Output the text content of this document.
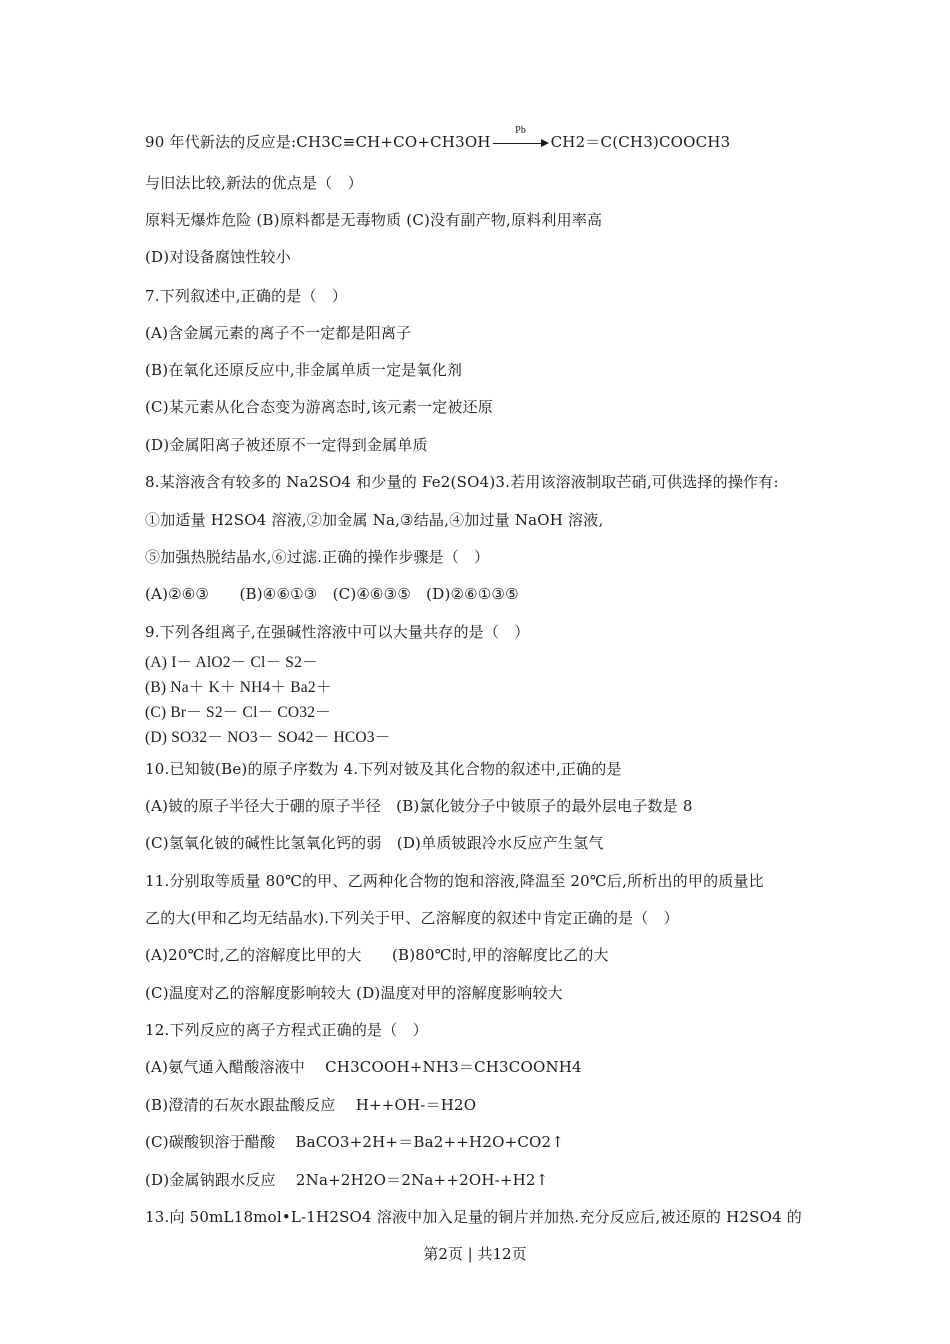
90 年代新法的反应是:CH3C≡CH+CO+CH3OH
Pb
CH2＝C(CH3)COOCH3
与旧法比较,新法的优点是（　）
原料无爆炸危险 (B)原料都是无毒物质 (C)没有副产物,原料利用率高
(D)对设备腐蚀性较小
7.下列叙述中,正确的是（　）
(A)含金属元素的离子不一定都是阳离子
(B)在氧化还原反应中,非金属单质一定是氧化剂
(C)某元素从化合态变为游离态时,该元素一定被还原
(D)金属阳离子被还原不一定得到金属单质
8.某溶液含有较多的 Na2SO4 和少量的 Fe2(SO4)3.若用该溶液制取芒硝,可供选择的操作有:
①加适量 H2SO4 溶液,②加金属 Na,③结晶,④加过量 NaOH 溶液,
⑤加强热脱结晶水,⑥过滤.正确的操作步骤是（　）
(A)②⑥③　　(B)④⑥①③　(C)④⑥③⑤　(D)②⑥①③⑤
9.下列各组离子,在强碱性溶液中可以大量共存的是（　）
(A) I－ AlO2－ Cl－ S2－
(B) Na＋ K＋ NH4＋ Ba2＋
(C) Br－ S2－ Cl－ CO32－
(D) SO32－ NO3－ SO42－ HCO3－
10.已知铍(Be)的原子序数为 4.下列对铍及其化合物的叙述中,正确的是
(A)铍的原子半径大于硼的原子半径　(B)氯化铍分子中铍原子的最外层电子数是 8
(C)氢氧化铍的碱性比氢氧化钙的弱　(D)单质铍跟冷水反应产生氢气
11.分别取等质量 80℃的甲、乙两种化合物的饱和溶液,降温至 20℃后,所析出的甲的质量比
乙的大(甲和乙均无结晶水).下列关于甲、乙溶解度的叙述中肯定正确的是（　）
(A)20℃时,乙的溶解度比甲的大　　(B)80℃时,甲的溶解度比乙的大
(C)温度对乙的溶解度影响较大 (D)温度对甲的溶解度影响较大
12.下列反应的离子方程式正确的是（　）
(A)氨气通入醋酸溶液中　 CH3COOH+NH3＝CH3COONH4
(B)澄清的石灰水跟盐酸反应　 H++OH-＝H2O
(C)碳酸钡溶于醋酸　 BaCO3+2H+＝Ba2++H2O+CO2↑
(D)金属钠跟水反应　 2Na+2H2O＝2Na++2OH-+H2↑
13.向 50mL18mol•L-1H2SO4 溶液中加入足量的铜片并加热.充分反应后,被还原的 H2SO4 的
第2页 | 共12页
